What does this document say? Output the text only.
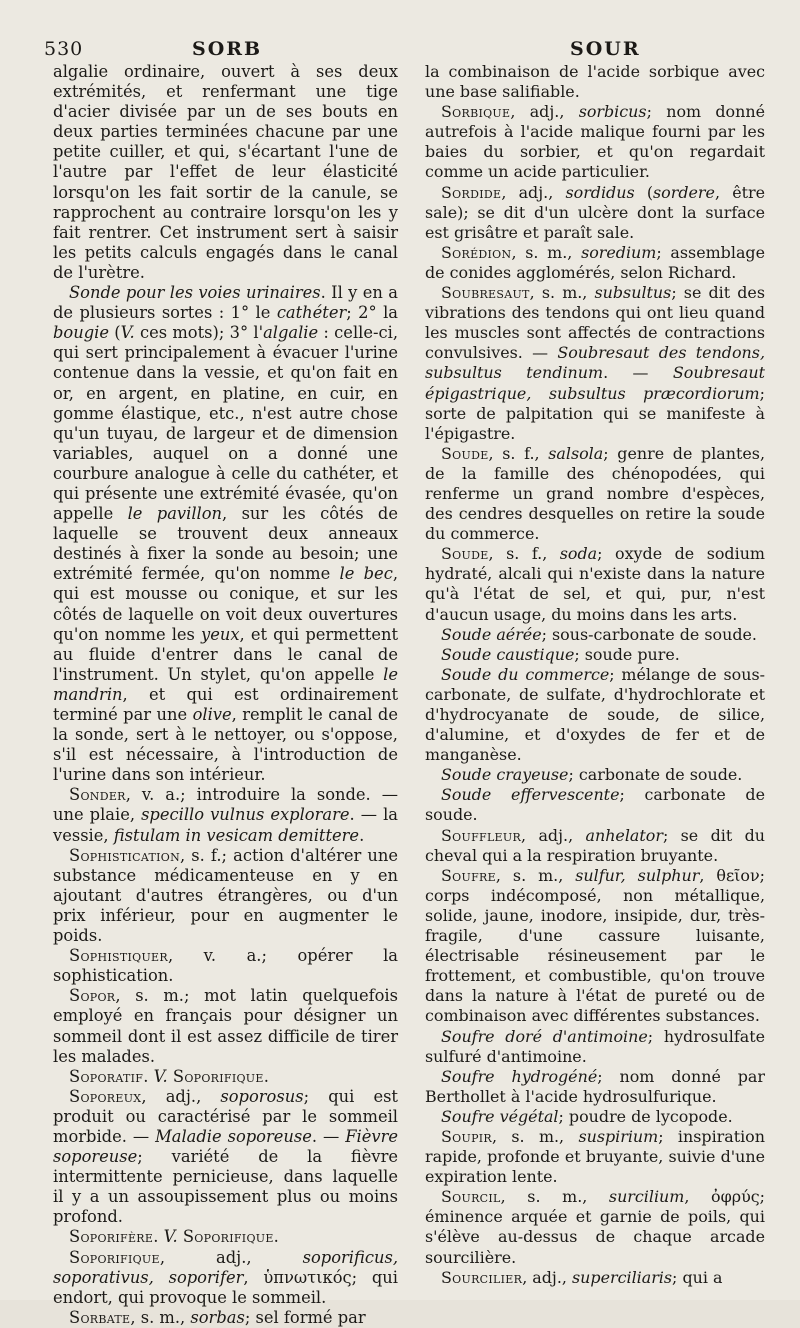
530	SORB	SOUR

algalie ordinaire, ouvert à ses deux extrémités, et renfermant une tige d'acier divisée par un de ses bouts en deux parties terminées chacune par une petite cuiller, et qui, s'écartant l'une de l'autre par l'effet de leur élasticité lorsqu'on les fait sortir de la canule, se rapprochent au contraire lorsqu'on les y fait rentrer. Cet instrument sert à saisir les petits calculs engagés dans le canal de l'urètre.

Sonde pour les voies urinaires. Il y en a de plusieurs sortes : 1° le cathéter; 2° la bougie (V. ces mots); 3° l'algalie : celle-ci, qui sert principalement à évacuer l'urine contenue dans la vessie, et qu'on fait en or, en argent, en platine, en cuir, en gomme élastique, etc., n'est autre chose qu'un tuyau, de largeur et de dimension variables, auquel on a donné une courbure analogue à celle du cathéter, et qui présente une extrémité évasée, qu'on appelle le pavillon, sur les côtés de laquelle se trouvent deux anneaux destinés à fixer la sonde au besoin; une extrémité fermée, qu'on nomme le bec, qui est mousse ou conique, et sur les côtés de laquelle on voit deux ouvertures qu'on nomme les yeux, et qui permettent au fluide d'entrer dans le canal de l'instrument. Un stylet, qu'on appelle le mandrin, et qui est ordinairement terminé par une olive, remplit le canal de la sonde, sert à le nettoyer, ou s'oppose, s'il est nécessaire, à l'introduction de l'urine dans son intérieur.

Sonder, v. a.; introduire la sonde. — une plaie, specillo vulnus explorare. — la vessie, fistulam in vesicam demittere.

Sophistication, s. f.; action d'altérer une substance médicamenteuse en y en ajoutant d'autres étrangères, ou d'un prix inférieur, pour en augmenter le poids.

Sophistiquer, v. a.; opérer la sophistication.

Sopor, s. m.; mot latin quelquefois employé en français pour désigner un sommeil dont il est assez difficile de tirer les malades.

Soporatif. V. Soporifique.

Soporeux, adj., soporosus; qui est produit ou caractérisé par le sommeil morbide. — Maladie soporeuse. — Fièvre soporeuse; variété de la fièvre intermittente pernicieuse, dans laquelle il y a un assoupissement plus ou moins profond.

Soporifère. V. Soporifique.

Soporifique, adj., soporificus, soporativus, soporifer, ὑπνωτικός; qui endort, qui provoque le sommeil.

Sorbate, s. m., sorbas; sel formé par

la combinaison de l'acide sorbique avec une base salifiable.

Sorbique, adj., sorbicus; nom donné autrefois à l'acide malique fourni par les baies du sorbier, et qu'on regardait comme un acide particulier.

Sordide, adj., sordidus (sordere, être sale); se dit d'un ulcère dont la surface est grisâtre et paraît sale.

Sorédion, s. m., soredium; assemblage de conides agglomérés, selon Richard.

Soubresaut, s. m., subsultus; se dit des vibrations des tendons qui ont lieu quand les muscles sont affectés de contractions convulsives. — Soubresaut des tendons, subsultus tendinum. — Soubresaut épigastrique, subsultus præcordiorum; sorte de palpitation qui se manifeste à l'épigastre.

Soude, s. f., salsola; genre de plantes, de la famille des chénopodées, qui renferme un grand nombre d'espèces, des cendres desquelles on retire la soude du commerce.

Soude, s. f., soda; oxyde de sodium hydraté, alcali qui n'existe dans la nature qu'à l'état de sel, et qui, pur, n'est d'aucun usage, du moins dans les arts.

Soude aérée; sous-carbonate de soude.

Soude caustique; soude pure.

Soude du commerce; mélange de sous-carbonate, de sulfate, d'hydrochlorate et d'hydrocyanate de soude, de silice, d'alumine, et d'oxydes de fer et de manganèse.

Soude crayeuse; carbonate de soude.

Soude effervescente; carbonate de soude.

Souffleur, adj., anhelator; se dit du cheval qui a la respiration bruyante.

Soufre, s. m., sulfur, sulphur, θεῖον; corps indécomposé, non métallique, solide, jaune, inodore, insipide, dur, très-fragile, d'une cassure luisante, électrisable résineusement par le frottement, et combustible, qu'on trouve dans la nature à l'état de pureté ou de combinaison avec différentes substances.

Soufre doré d'antimoine; hydrosulfate sulfuré d'antimoine.

Soufre hydrogéné; nom donné par Berthollet à l'acide hydrosulfurique.

Soufre végétal; poudre de lycopode.

Soupir, s. m., suspirium; inspiration rapide, profonde et bruyante, suivie d'une expiration lente.

Sourcil, s. m., surcilium, ὀφρύς; éminence arquée et garnie de poils, qui s'élève au-dessus de chaque arcade sourcilière.

Sourcilier, adj., superciliaris; qui a
